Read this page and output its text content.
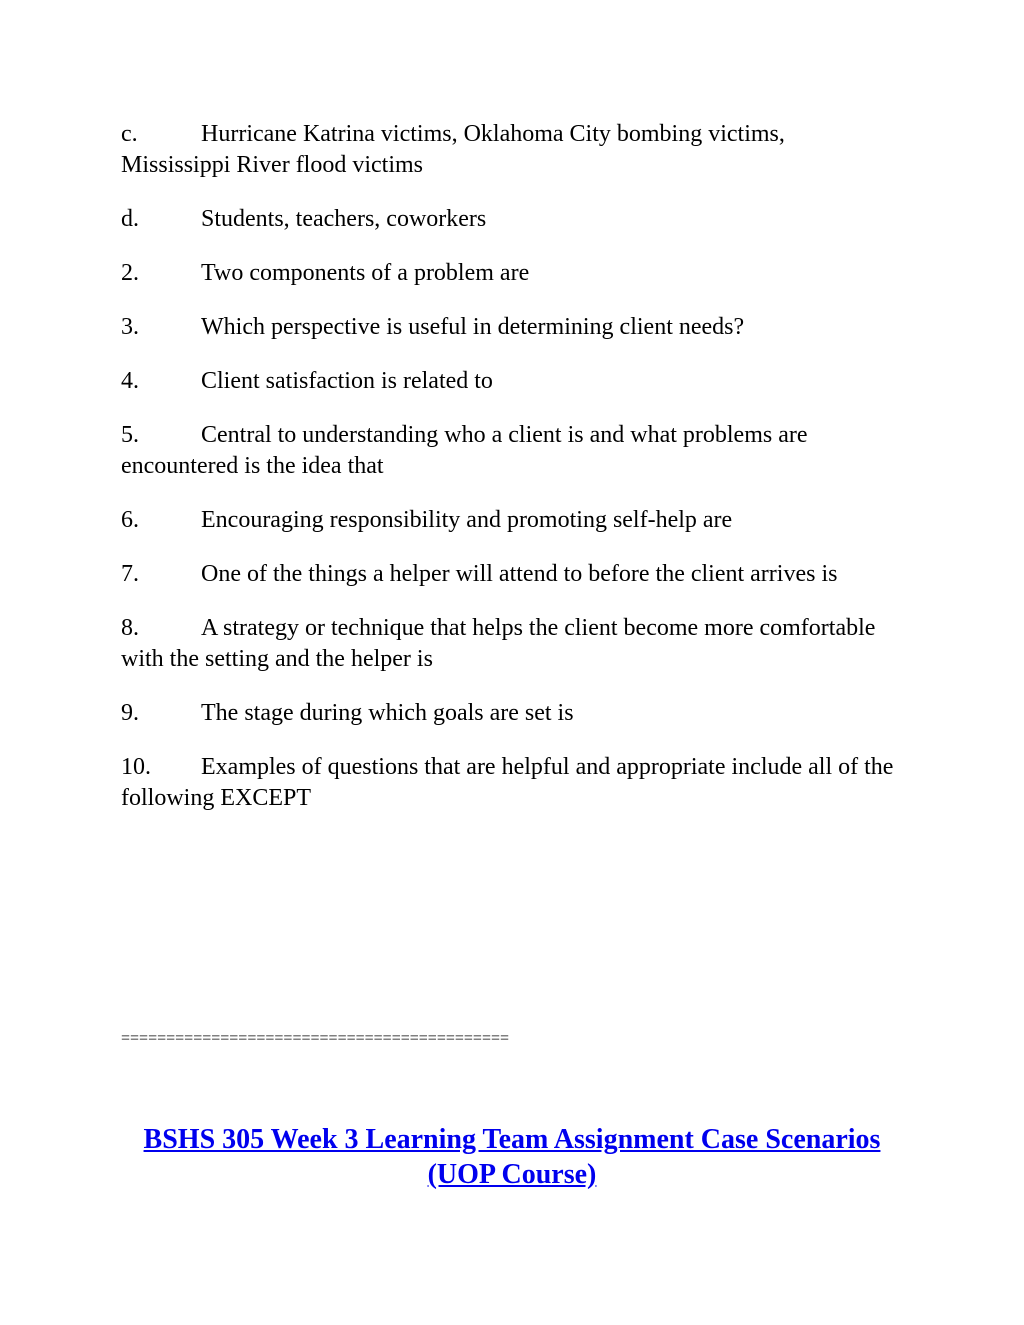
c.	Hurricane Katrina victims, Oklahoma City bombing victims, Mississippi River flood victims

d.	Students, teachers, coworkers

2.	Two components of a problem are

3.	Which perspective is useful in determining client needs?

4.	Client satisfaction is related to

5.	Central to understanding who a client is and what problems are encountered is the idea that

6.	Encouraging responsibility and promoting self-help are

7.	One of the things a helper will attend to before the client arrives is

8.	A strategy or technique that helps the client become more comfortable with the setting and the helper is

9.	The stage during which goals are set is

10. Examples of questions that are helpful and appropriate include all of the following EXCEPT

===========================================
BSHS 305 Week 3 Learning Team Assignment Case Scenarios (UOP Course)
